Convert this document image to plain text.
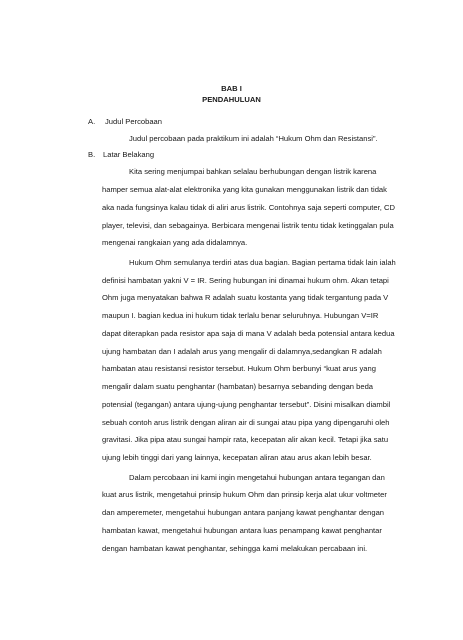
BAB I
PENDAHULUAN
A. Judul Percobaan
Judul percobaan pada praktikum ini adalah “Hukum Ohm dan Resistansi”.
B. Latar Belakang
Kita sering menjumpai bahkan selalau berhubungan dengan listrik karena
hamper semua alat-alat elektronika yang kita gunakan menggunakan listrik dan tidak
aka nada fungsinya kalau tidak di aliri arus listrik. Contohnya saja seperti computer, CD
player, televisi, dan sebagainya. Berbicara mengenai listrik tentu tidak ketinggalan pula
mengenai rangkaian yang ada didalamnya.
Hukum Ohm semulanya terdiri atas dua bagian. Bagian pertama tidak lain ialah
definisi hambatan yakni V = IR. Sering hubungan ini dinamai hukum ohm. Akan tetapi
Ohm juga menyatakan bahwa R adalah suatu kostanta yang tidak tergantung pada V
maupun I. bagian kedua ini hukum tidak terlalu benar seluruhnya. Hubungan V=IR
dapat diterapkan pada resistor apa saja di mana V adalah beda potensial antara kedua
ujung hambatan dan I adalah arus yang mengalir di dalamnya,sedangkan R adalah
hambatan atau resistansi resistor tersebut. Hukum Ohm berbunyi “kuat arus yang
mengalir dalam suatu penghantar (hambatan) besarnya sebanding dengan beda
potensial (tegangan) antara ujung-ujung penghantar tersebut”. Disini misalkan diambil
sebuah contoh arus listrik dengan aliran air di sungai atau pipa yang dipengaruhi oleh
gravitasi. Jika pipa atau sungai hampir rata, kecepatan alir akan kecil. Tetapi jika satu
ujung lebih tinggi dari yang lainnya, kecepatan aliran atau arus akan lebih besar.
Dalam percobaan ini kami ingin mengetahui hubungan antara tegangan dan
kuat arus listrik, mengetahui prinsip hukum Ohm dan prinsip kerja alat ukur voltmeter
dan amperemeter, mengetahui hubungan antara panjang kawat penghantar dengan
hambatan kawat, mengetahui hubungan antara luas penampang kawat penghantar
dengan hambatan kawat penghantar, sehingga kami melakukan percabaan ini.
